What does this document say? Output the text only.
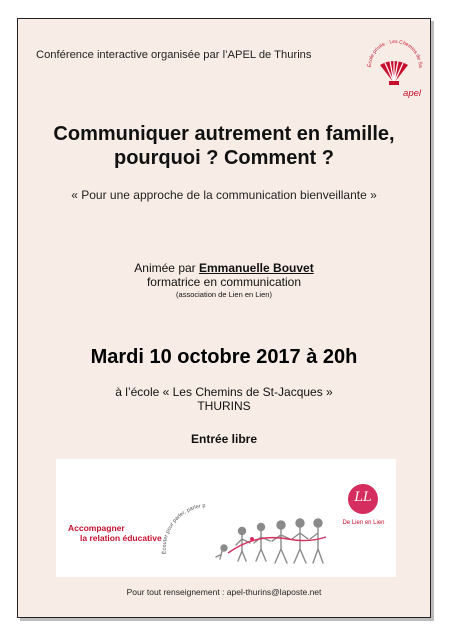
Conférence interactive organisée par l’APEL de Thurins
École privée · Les Chemins de Sa
apel
Communiquer autrement en famille,
pourquoi ? Comment ?
« Pour une approche de la communication bienveillante »
Animée par Emmanuelle Bouvet
formatrice en communication
(association de Lien en Lien)
Mardi 10 octobre 2017 à 20h
à l’école « Les Chemins de St-Jacques »
THURINS
Entrée libre
Écouter pour parler, parler p
Accompagner
la relation éducative
LL
De Lien en Lien
Pour tout renseignement : apel-thurins@laposte.net
